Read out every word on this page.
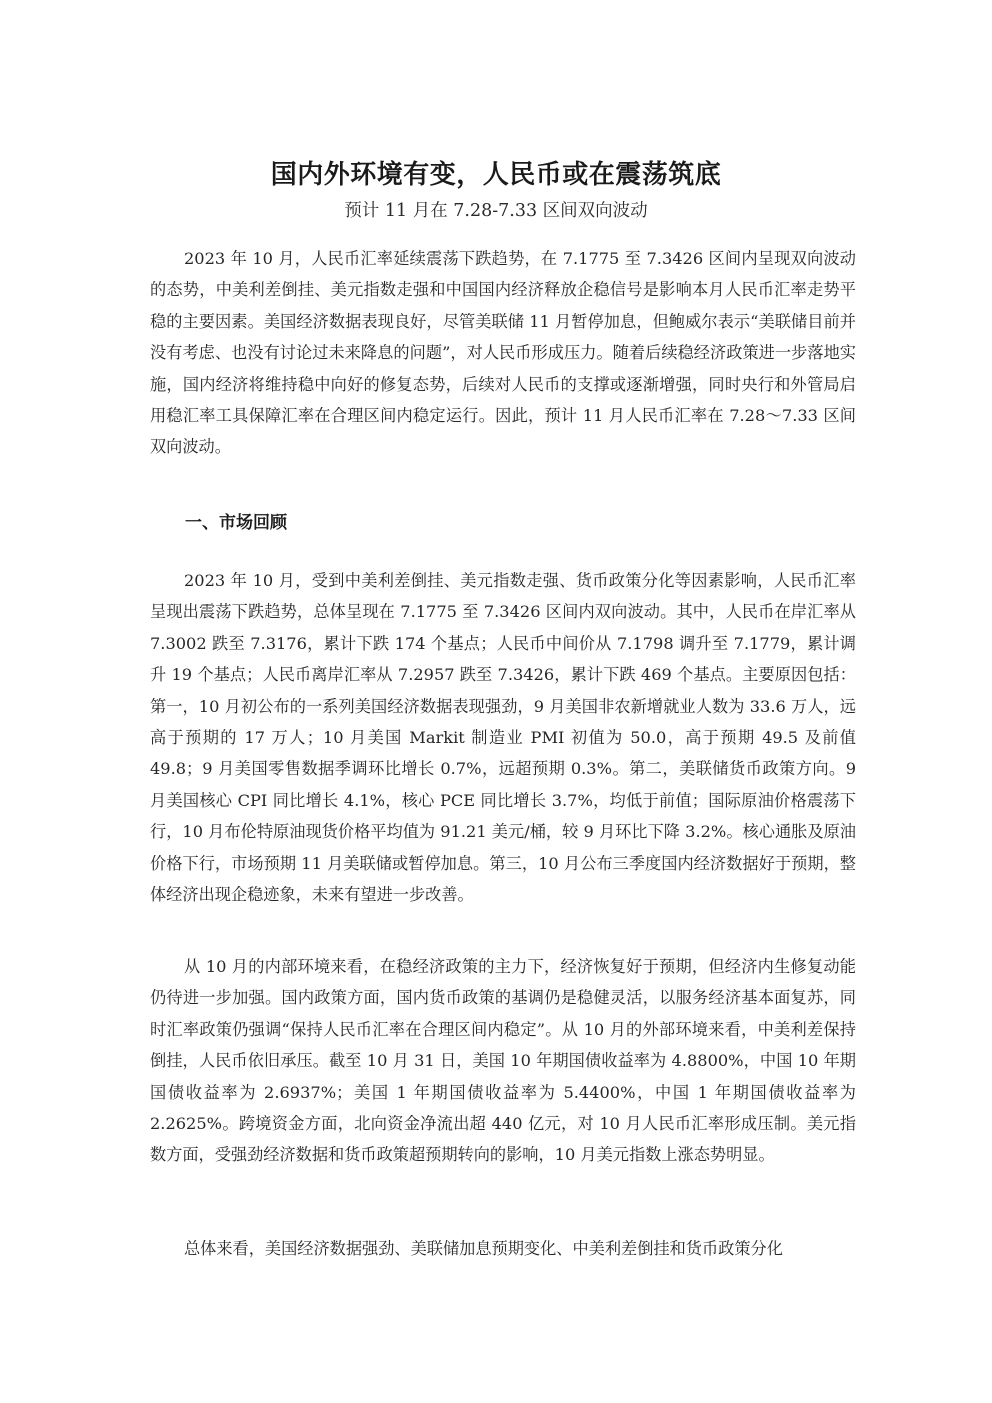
国内外环境有变，人民币或在震荡筑底
预计 11 月在 7.28-7.33 区间双向波动

2023 年 10 月，人民币汇率延续震荡下跌趋势，在 7.1775 至 7.3426 区间内呈现双向波动的态势，中美利差倒挂、美元指数走强和中国国内经济释放企稳信号是影响本月人民币汇率走势平稳的主要因素。美国经济数据表现良好，尽管美联储 11 月暂停加息，但鲍威尔表示“美联储目前并没有考虑、也没有讨论过未来降息的问题”，对人民币形成压力。随着后续稳经济政策进一步落地实施，国内经济将维持稳中向好的修复态势，后续对人民币的支撑或逐渐增强，同时央行和外管局启用稳汇率工具保障汇率在合理区间内稳定运行。因此，预计 11 月人民币汇率在 7.28～7.33 区间双向波动。

一、市场回顾

2023 年 10 月，受到中美利差倒挂、美元指数走强、货币政策分化等因素影响，人民币汇率呈现出震荡下跌趋势，总体呈现在 7.1775 至 7.3426 区间内双向波动。其中，人民币在岸汇率从 7.3002 跌至 7.3176，累计下跌 174 个基点；人民币中间价从 7.1798 调升至 7.1779，累计调升 19 个基点；人民币离岸汇率从 7.2957 跌至 7.3426，累计下跌 469 个基点。主要原因包括：第一，10 月初公布的一系列美国经济数据表现强劲，9 月美国非农新增就业人数为 33.6 万人，远高于预期的 17 万人；10 月美国 Markit 制造业 PMI 初值为 50.0，高于预期 49.5 及前值 49.8；9 月美国零售数据季调环比增长 0.7%，远超预期 0.3%。第二，美联储货币政策方向。9 月美国核心 CPI 同比增长 4.1%，核心 PCE 同比增长 3.7%，均低于前值；国际原油价格震荡下行，10 月布伦特原油现货价格平均值为 91.21 美元/桶，较 9 月环比下降 3.2%。核心通胀及原油价格下行，市场预期 11 月美联储或暂停加息。第三，10 月公布三季度国内经济数据好于预期，整体经济出现企稳迹象，未来有望进一步改善。

从 10 月的内部环境来看，在稳经济政策的主力下，经济恢复好于预期，但经济内生修复动能仍待进一步加强。国内政策方面，国内货币政策的基调仍是稳健灵活，以服务经济基本面复苏，同时汇率政策仍强调“保持人民币汇率在合理区间内稳定”。从 10 月的外部环境来看，中美利差保持倒挂，人民币依旧承压。截至 10 月 31 日，美国 10 年期国债收益率为 4.8800%，中国 10 年期国债收益率为 2.6937%；美国 1 年期国债收益率为 5.4400%，中国 1 年期国债收益率为 2.2625%。跨境资金方面，北向资金净流出超 440 亿元，对 10 月人民币汇率形成压制。美元指数方面，受强劲经济数据和货币政策超预期转向的影响，10 月美元指数上涨态势明显。

总体来看，美国经济数据强劲、美联储加息预期变化、中美利差倒挂和货币政策分化
